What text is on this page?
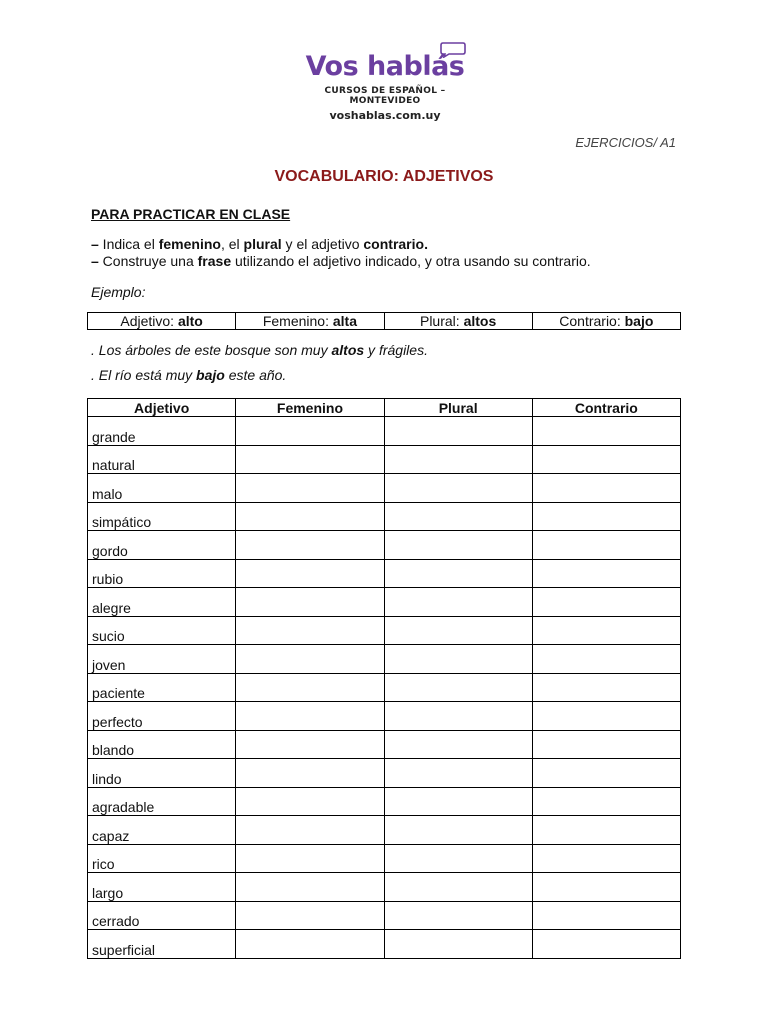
Vos hablás
CURSOS DE ESPAÑOL – MONTEVIDEO
voshablas.com.uy
EJERCICIOS/ A1
VOCABULARIO: ADJETIVOS
PARA PRACTICAR EN CLASE
– Indica el femenino, el plural y el adjetivo contrario.
– Construye una frase utilizando el adjetivo indicado, y otra usando su contrario.
Ejemplo:
Adjetivo: alto	Femenino: alta	Plural: altos	Contrario: bajo
. Los árboles de este bosque son muy altos y frágiles.
. El río está muy bajo este año.
Adjetivo	Femenino	Plural	Contrario
grande			
natural			
malo			
simpático			
gordo			
rubio			
alegre			
sucio			
joven			
paciente			
perfecto			
blando			
lindo			
agradable			
capaz			
rico			
largo			
cerrado			
superficial			
